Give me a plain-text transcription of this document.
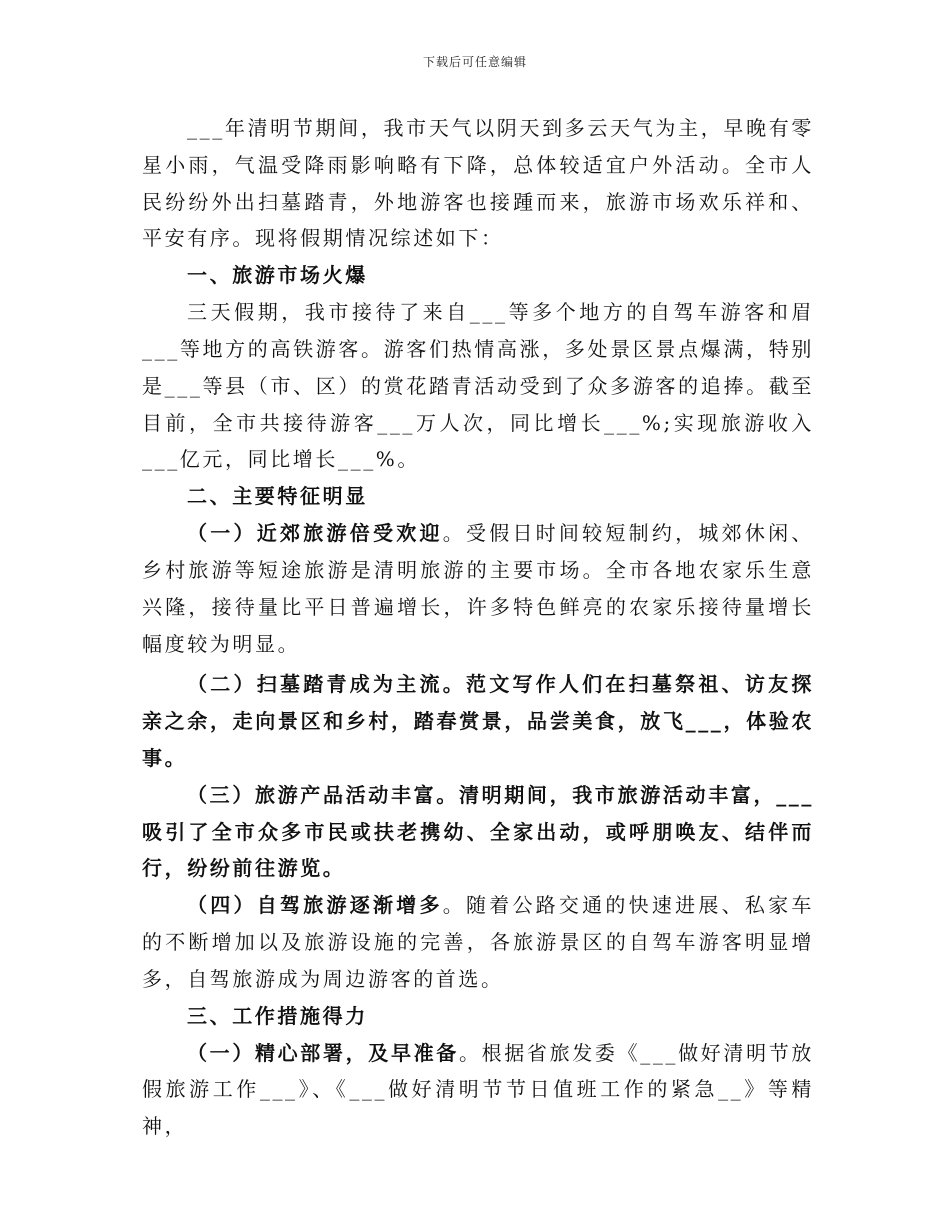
下载后可任意编辑

___年清明节期间，我市天气以阴天到多云天气为主，早晚有零星小雨，气温受降雨影响略有下降，总体较适宜户外活动。全市人民纷纷外出扫墓踏青，外地游客也接踵而来，旅游市场欢乐祥和、平安有序。现将假期情况综述如下：

一、旅游市场火爆

三天假期，我市接待了来自___等多个地方的自驾车游客和眉___等地方的高铁游客。游客们热情高涨，多处景区景点爆满，特别是___等县（市、区）的赏花踏青活动受到了众多游客的追捧。截至目前，全市共接待游客___万人次，同比增长___%;实现旅游收入___亿元，同比增长___%。

二、主要特征明显

（一）近郊旅游倍受欢迎。受假日时间较短制约，城郊休闲、乡村旅游等短途旅游是清明旅游的主要市场。全市各地农家乐生意兴隆，接待量比平日普遍增长，许多特色鲜亮的农家乐接待量增长幅度较为明显。

（二）扫墓踏青成为主流。范文写作人们在扫墓祭祖、访友探亲之余，走向景区和乡村，踏春赏景，品尝美食，放飞___，体验农事。

（三）旅游产品活动丰富。清明期间，我市旅游活动丰富，___吸引了全市众多市民或扶老携幼、全家出动，或呼朋唤友、结伴而行，纷纷前往游览。

（四）自驾旅游逐渐增多。随着公路交通的快速进展、私家车的不断增加以及旅游设施的完善，各旅游景区的自驾车游客明显增多，自驾旅游成为周边游客的首选。

三、工作措施得力

（一）精心部署，及早准备。根据省旅发委《___做好清明节放假旅游工作___》、《___做好清明节节日值班工作的紧急__》等精神，
